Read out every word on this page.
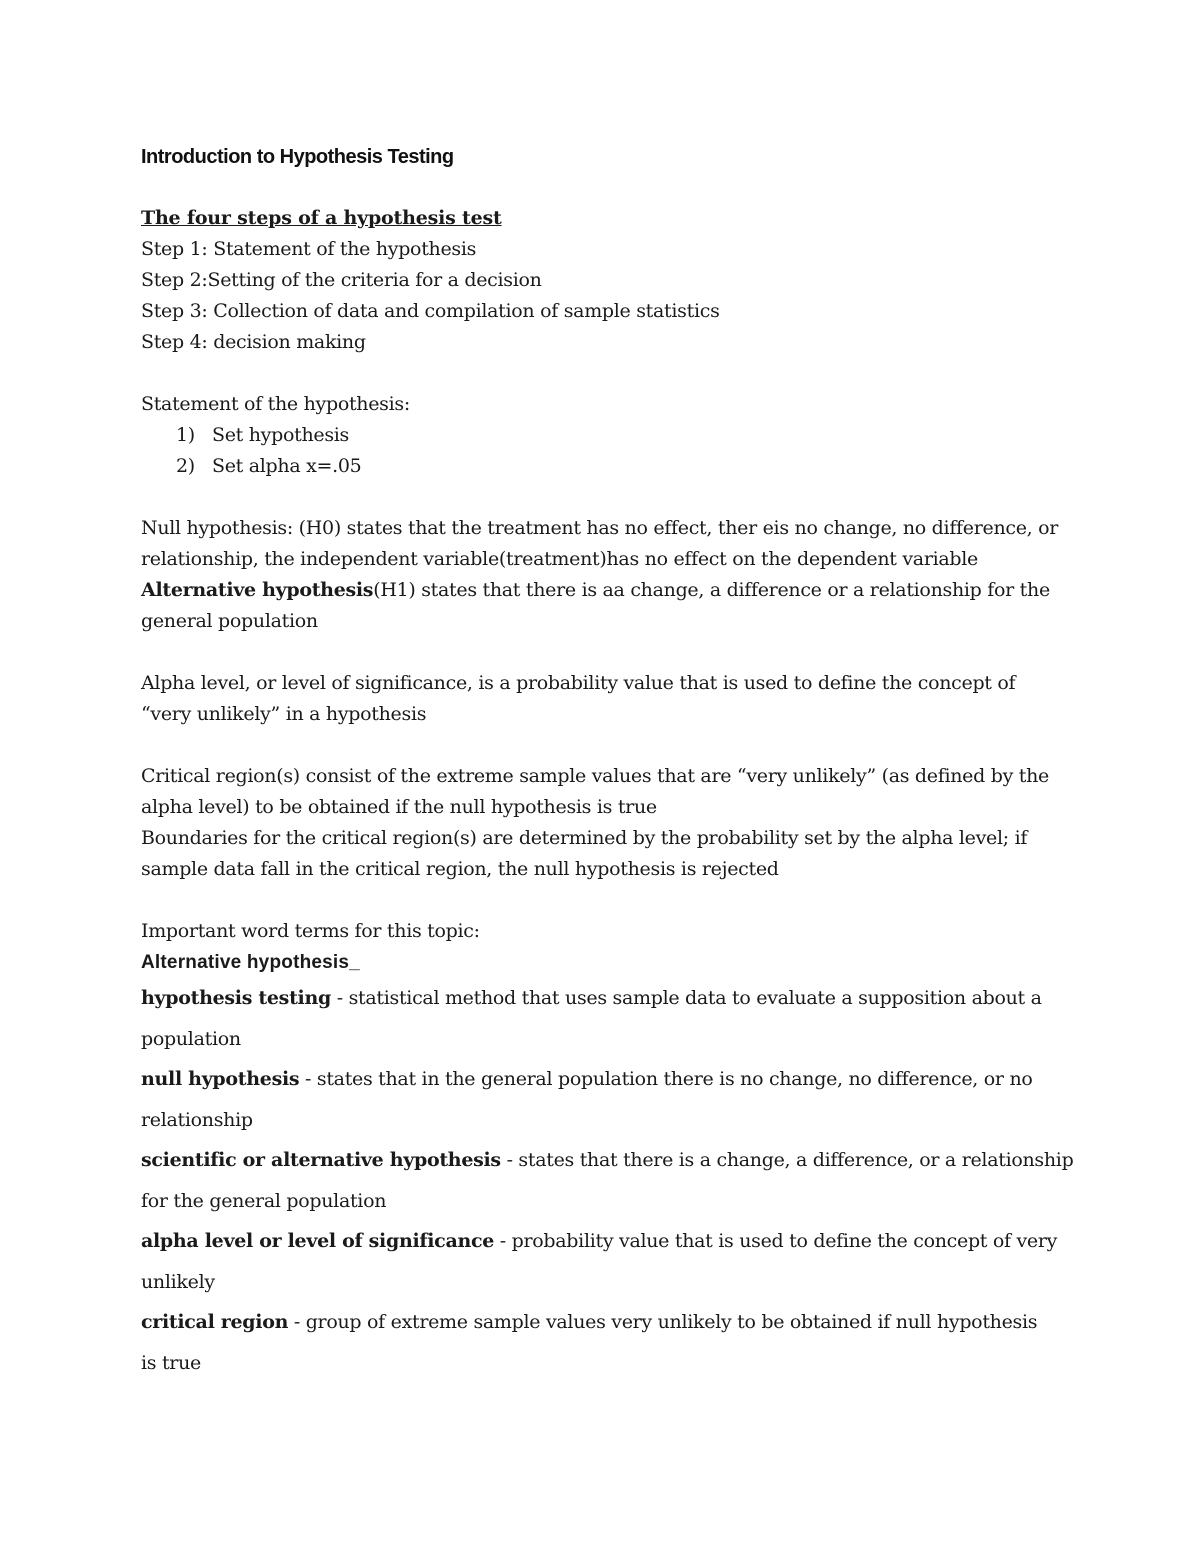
Introduction to Hypothesis Testing

The four steps of a hypothesis test

Step 1: Statement of the hypothesis

Step 2:Setting of the criteria for a decision

Step 3: Collection of data and compilation of sample statistics

Step 4: decision making

Statement of the hypothesis:

1) Set hypothesis
2) Set alpha x=.05

Null hypothesis: (H0) states that the treatment has no effect, ther eis no change, no difference, or

relationship, the independent variable(treatment)has no effect on the dependent variable

Alternative hypothesis(H1) states that there is aa change, a difference or a relationship for the

general population

Alpha level, or level of significance, is a probability value that is used to define the concept of

“very unlikely” in a hypothesis

Critical region(s) consist of the extreme sample values that are “very unlikely” (as defined by the

alpha level) to be obtained if the null hypothesis is true

Boundaries for the critical region(s) are determined by the probability set by the alpha level; if

sample data fall in the critical region, the null hypothesis is rejected

Important word terms for this topic:

Alternative hypothesis_

hypothesis testing - statistical method that uses sample data to evaluate a supposition about a

population

null hypothesis - states that in the general population there is no change, no difference, or no

relationship

scientific or alternative hypothesis - states that there is a change, a difference, or a relationship

for the general population

alpha level or level of significance - probability value that is used to define the concept of very

unlikely

critical region - group of extreme sample values very unlikely to be obtained if null hypothesis

is true
